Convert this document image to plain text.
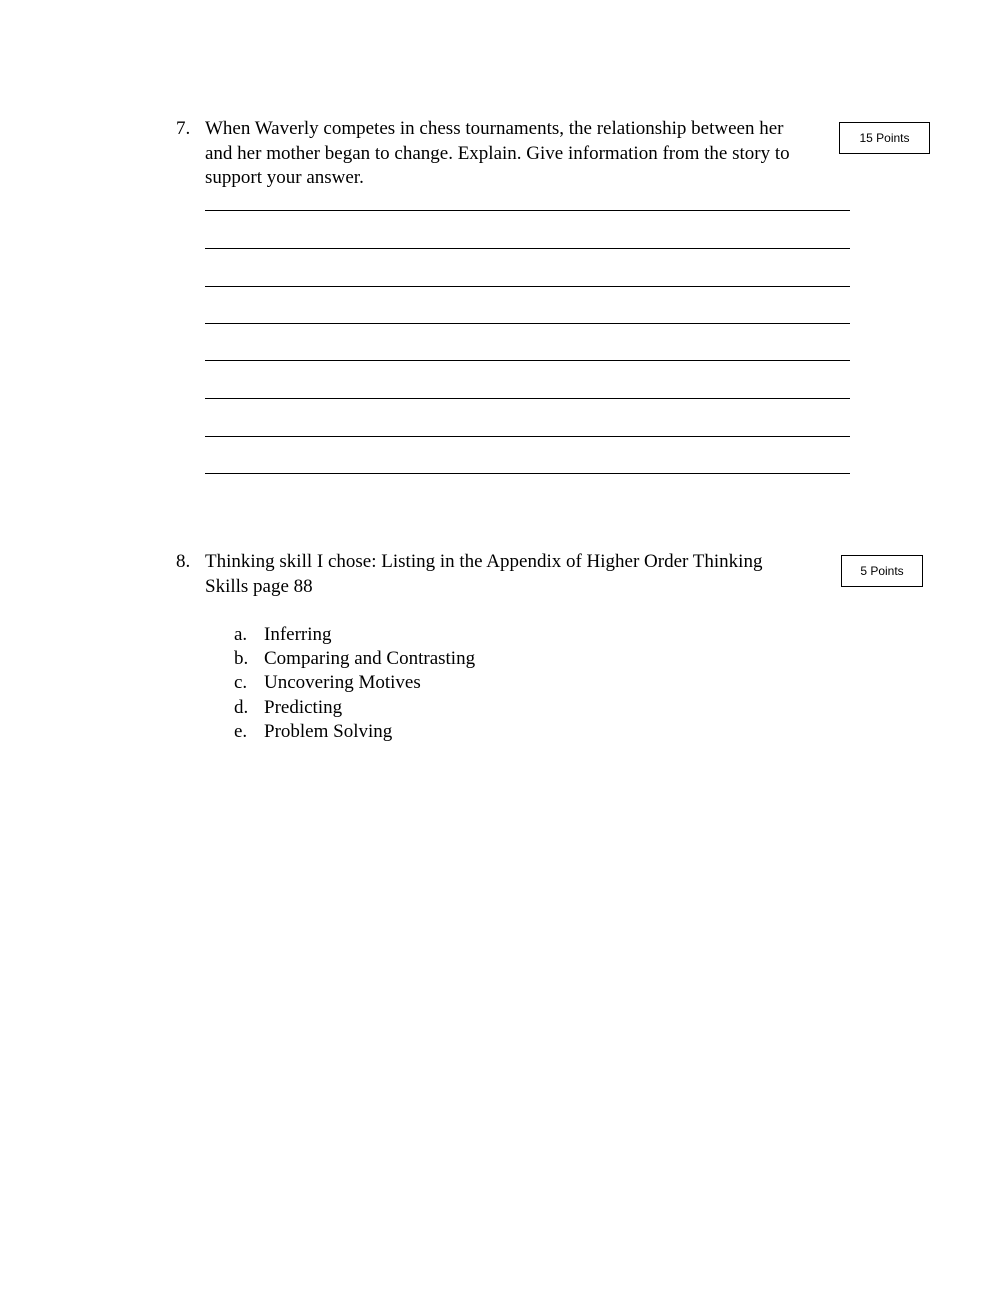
7. When Waverly competes in chess tournaments, the relationship between her
and her mother began to change. Explain. Give information from the story to
support your answer.
15 Points
8. Thinking skill I chose: Listing in the Appendix of Higher Order Thinking
Skills page 88
5 Points
a. Inferring
b. Comparing and Contrasting
c. Uncovering Motives
d. Predicting
e. Problem Solving
